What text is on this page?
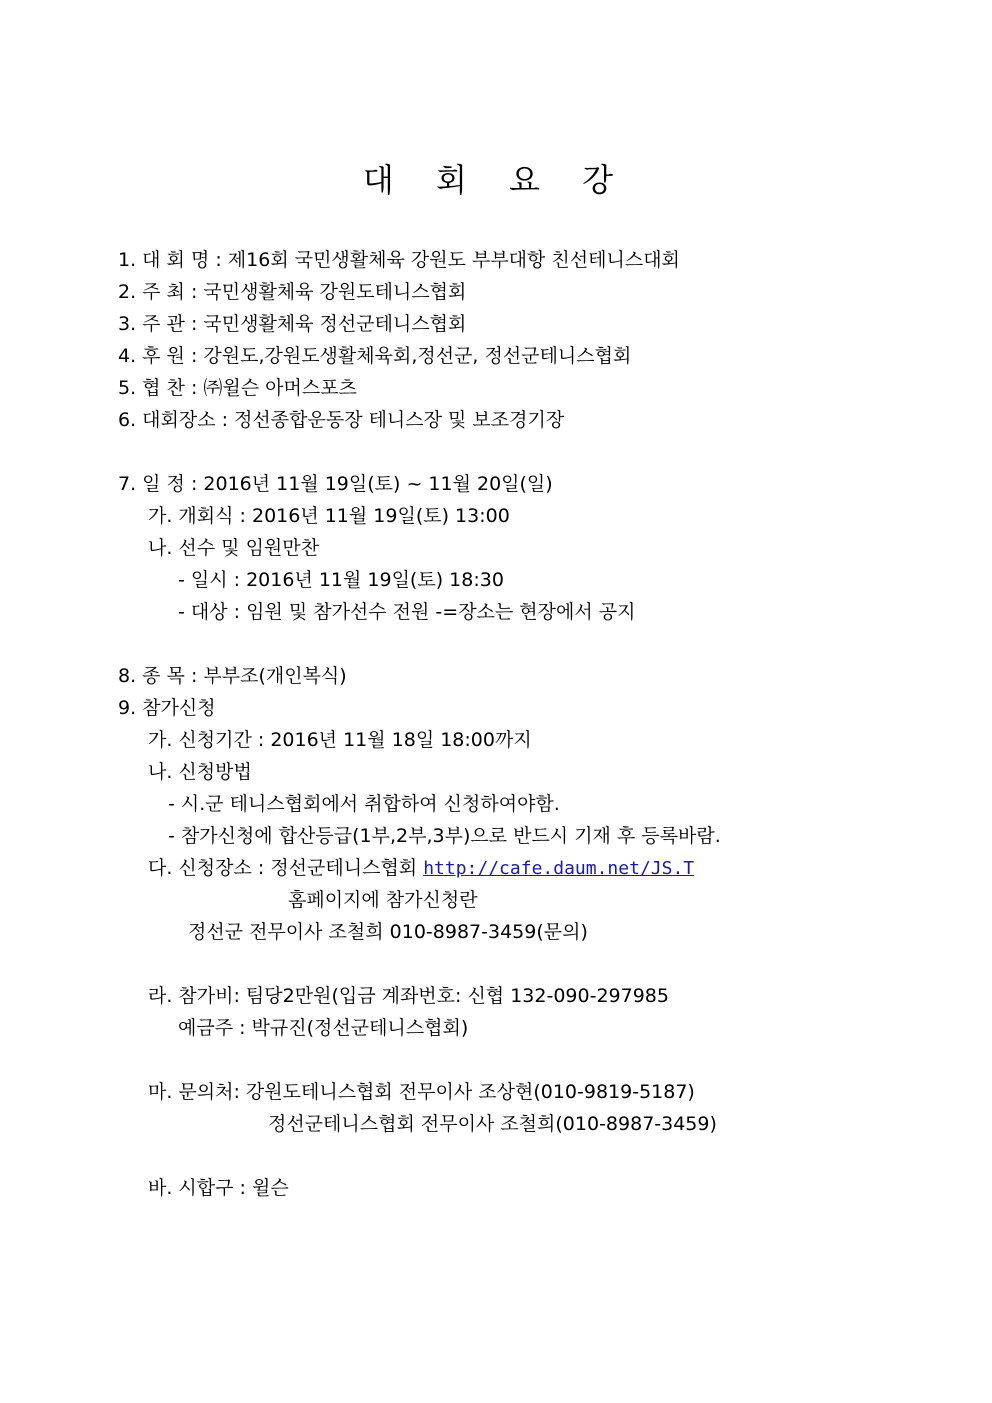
대 회 요 강
1. 대 회 명 : 제16회 국민생활체육 강원도 부부대항 친선테니스대회
2. 주 최 : 국민생활체육 강원도테니스협회
3. 주 관 : 국민생활체육 정선군테니스협회
4. 후 원 : 강원도,강원도생활체육회,정선군, 정선군테니스협회
5. 협 찬 : ㈜윌슨 아머스포츠
6. 대회장소 : 정선종합운동장 테니스장 및 보조경기장
7. 일 정 : 2016년 11월 19일(토) ~ 11월 20일(일)
가. 개회식 : 2016년 11월 19일(토) 13:00
나. 선수 및 임원만찬
- 일시 : 2016년 11월 19일(토) 18:30
- 대상 : 임원 및 참가선수 전원 -=장소는 현장에서 공지
8. 종 목 : 부부조(개인복식)
9. 참가신청
가. 신청기간 : 2016년 11월 18일 18:00까지
나. 신청방법
- 시.군 테니스협회에서 취합하여 신청하여야함.
- 참가신청에 합산등급(1부,2부,3부)으로 반드시 기재 후 등록바람.
다. 신청장소 : 정선군테니스협회 http://cafe.daum.net/JS.T
홈페이지에 참가신청란
정선군 전무이사 조철희 010-8987-3459(문의)
라. 참가비: 팀당2만원(입금 계좌번호: 신협 132-090-297985
예금주 : 박규진(정선군테니스협회)
마. 문의처: 강원도테니스협회 전무이사 조상현(010-9819-5187)
정선군테니스협회 전무이사 조철희(010-8987-3459)
바. 시합구 : 윌슨
